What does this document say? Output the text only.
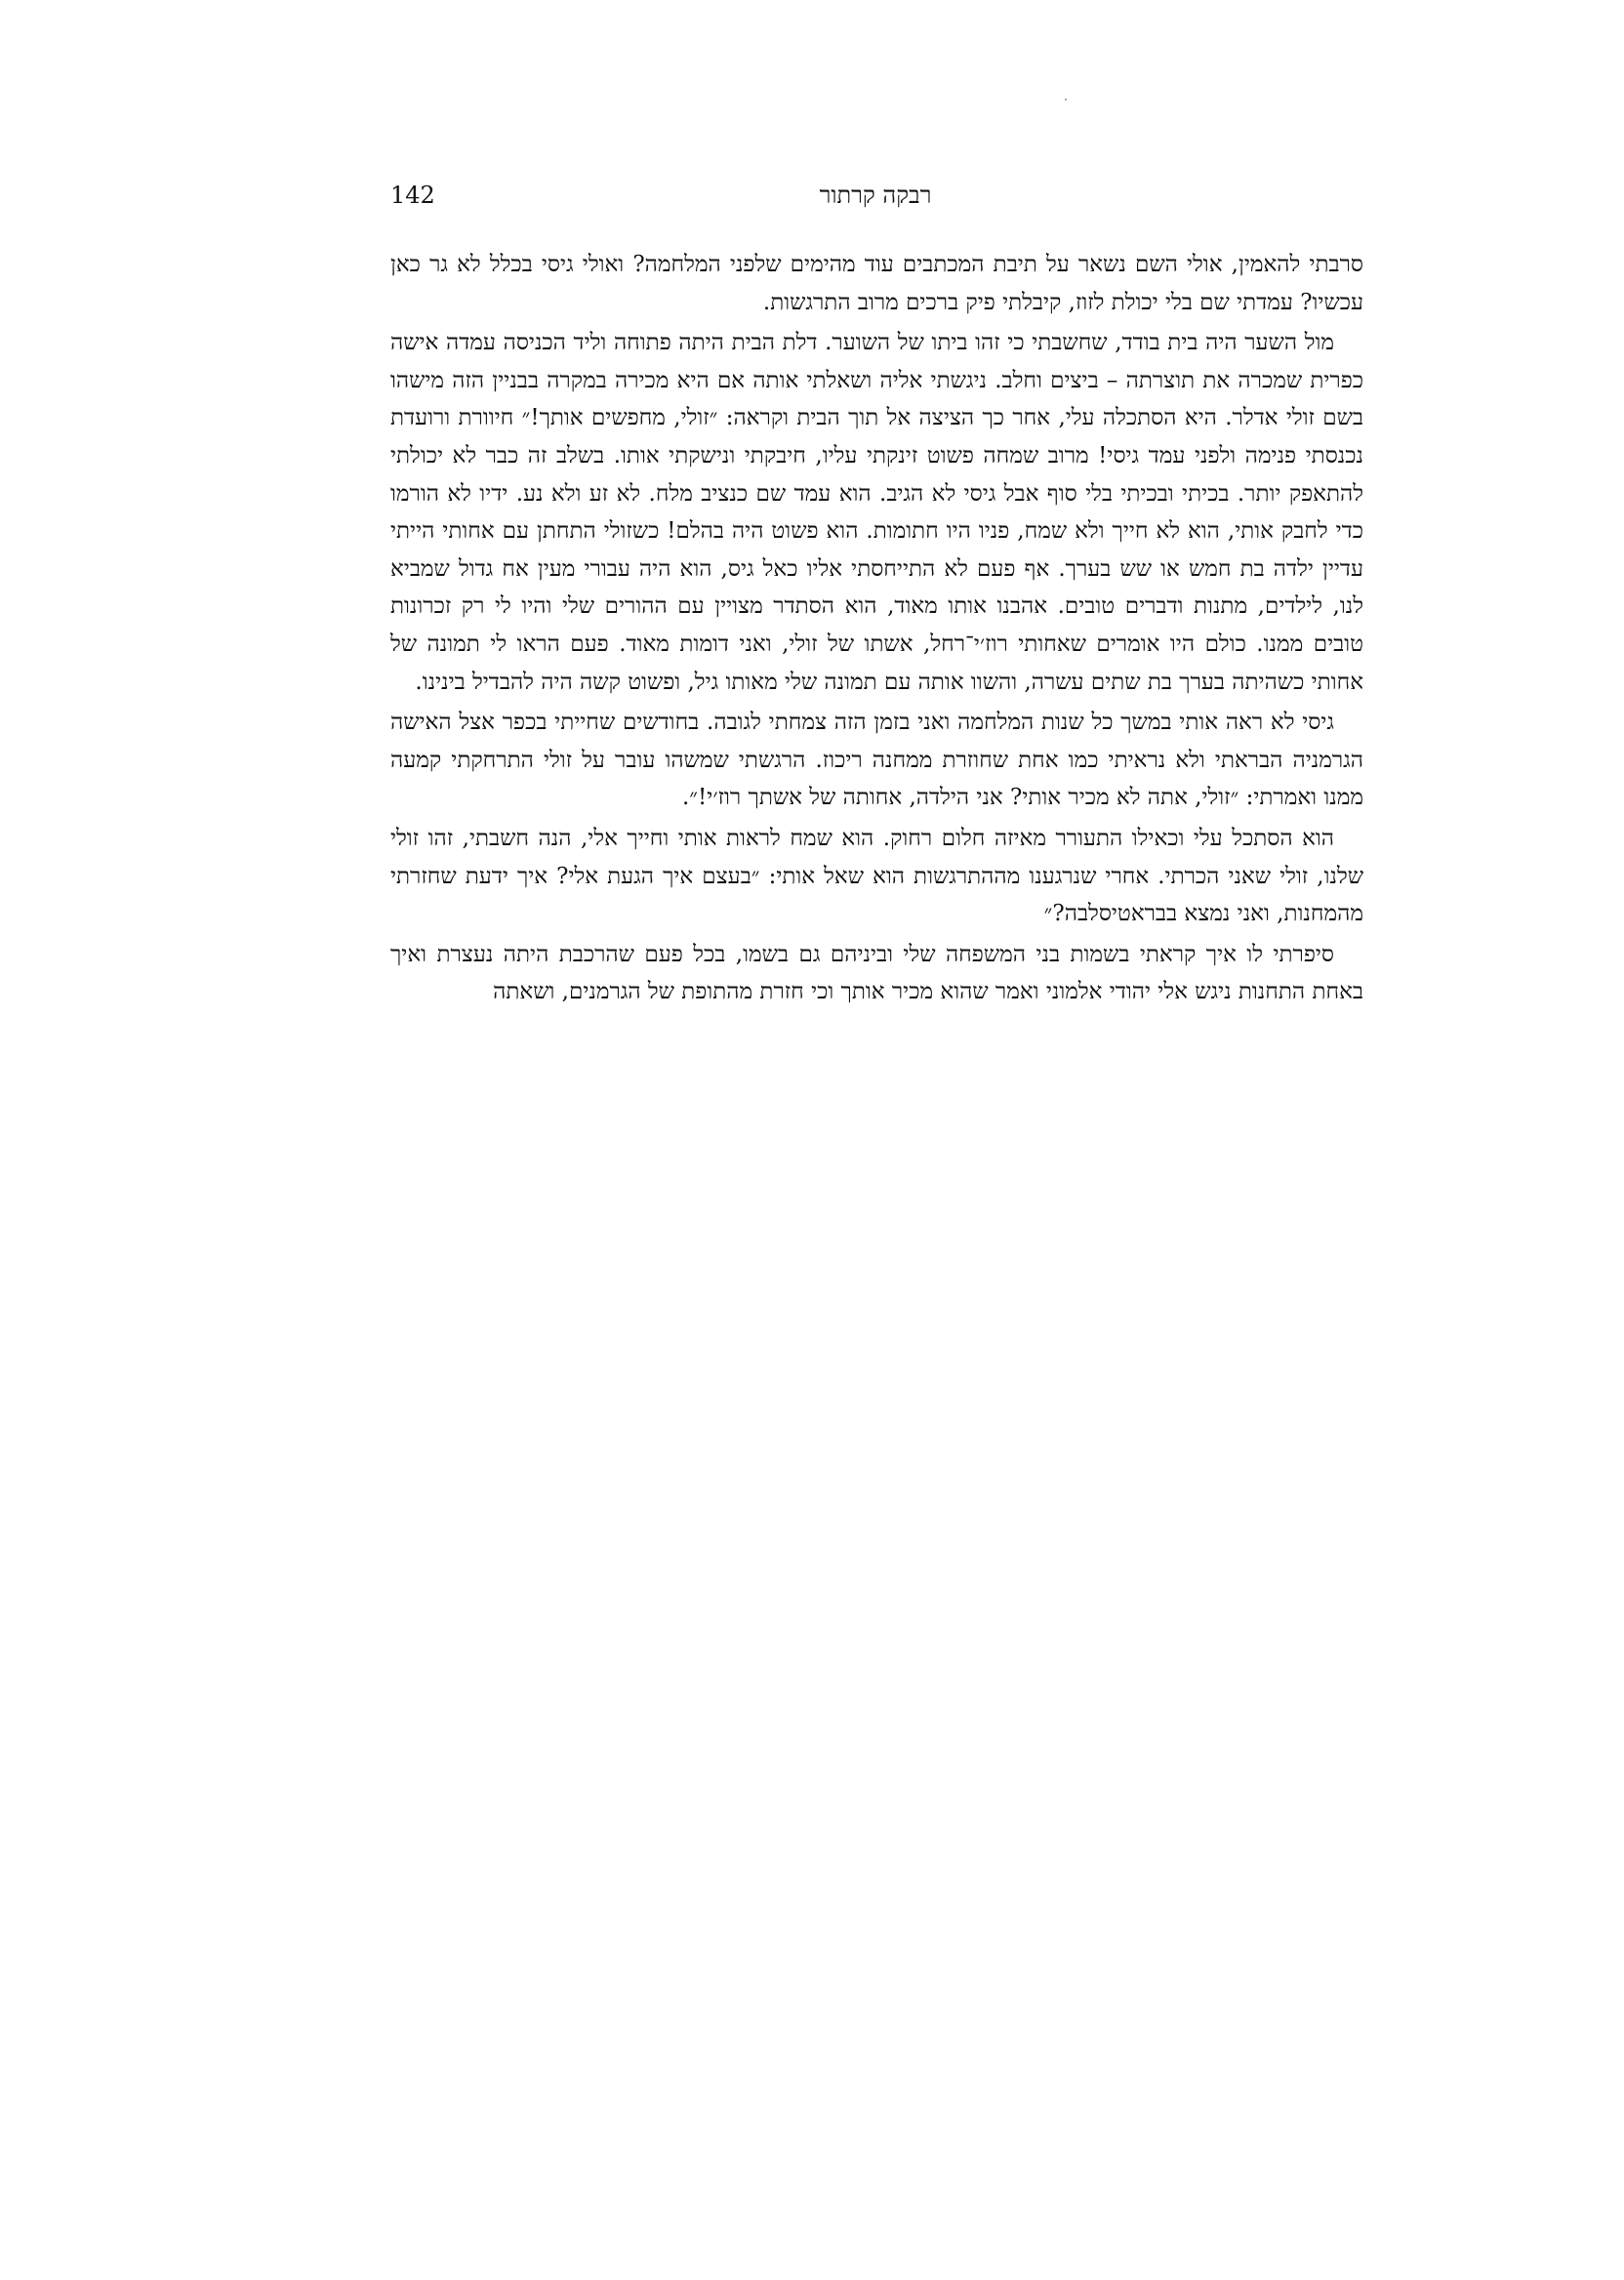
142	רבקה קרתור

סרבתי להאמין, אולי השם נשאר על תיבת המכתבים עוד מהימים שלפני המלחמה? ואולי גיסי בכלל לא גר כאן עכשיו? עמדתי שם בלי יכולת לזוז, קיבלתי פיק ברכים מרוב התרגשות.

מול השער היה בית בודד, שחשבתי כי זהו ביתו של השוער. דלת הבית היתה פתוחה וליד הכניסה עמדה אישה כפרית שמכרה את תוצרתה – ביצים וחלב. ניגשתי אליה ושאלתי אותה אם היא מכירה במקרה בבניין הזה מישהו בשם זולי אדלר. היא הסתכלה עלי, אחר כך הציצה אל תוך הבית וקראה: ״זולי, מחפשים אותך!״ חיוורת ורועדת נכנסתי פנימה ולפני עמד גיסי! מרוב שמחה פשוט זינקתי עליו, חיבקתי ונישקתי אותו. בשלב זה כבר לא יכולתי להתאפק יותר. בכיתי ובכיתי בלי סוף אבל גיסי לא הגיב. הוא עמד שם כנציב מלח. לא זע ולא נע. ידיו לא הורמו כדי לחבק אותי, הוא לא חייך ולא שמח, פניו היו חתומות. הוא פשוט היה בהלם! כשזולי התחתן עם אחותי הייתי עדיין ילדה בת חמש או שש בערך. אף פעם לא התייחסתי אליו כאל גיס, הוא היה עבורי מעין אח גדול שמביא לנו, לילדים, מתנות ודברים טובים. אהבנו אותו מאוד, הוא הסתדר מצויין עם ההורים שלי והיו לי רק זכרונות טובים ממנו. כולם היו אומרים שאחותי רוז׳י־רחל, אשתו של זולי, ואני דומות מאוד. פעם הראו לי תמונה של אחותי כשהיתה בערך בת שתים עשרה, והשוו אותה עם תמונה שלי מאותו גיל, ופשוט קשה היה להבדיל בינינו.

גיסי לא ראה אותי במשך כל שנות המלחמה ואני בזמן הזה צמחתי לגובה. בחודשים שחייתי בכפר אצל האישה הגרמניה הבראתי ולא נראיתי כמו אחת שחוזרת ממחנה ריכוז. הרגשתי שמשהו עובר על זולי התרחקתי קמעה ממנו ואמרתי: ״זולי, אתה לא מכיר אותי? אני הילדה, אחותה של אשתך רוז׳י!״.

הוא הסתכל עלי וכאילו התעורר מאיזה חלום רחוק. הוא שמח לראות אותי וחייך אלי, הנה חשבתי, זהו זולי שלנו, זולי שאני הכרתי. אחרי שנרגענו מההתרגשות הוא שאל אותי: ״בעצם איך הגעת אלי? איך ידעת שחזרתי מהמחנות, ואני נמצא בבראטיסלבה?״

סיפרתי לו איך קראתי בשמות בני המשפחה שלי וביניהם גם בשמו, בכל פעם שהרכבת היתה נעצרת ואיך באחת התחנות ניגש אלי יהודי אלמוני ואמר שהוא מכיר אותך וכי חזרת מהתופת של הגרמנים, ושאתה
